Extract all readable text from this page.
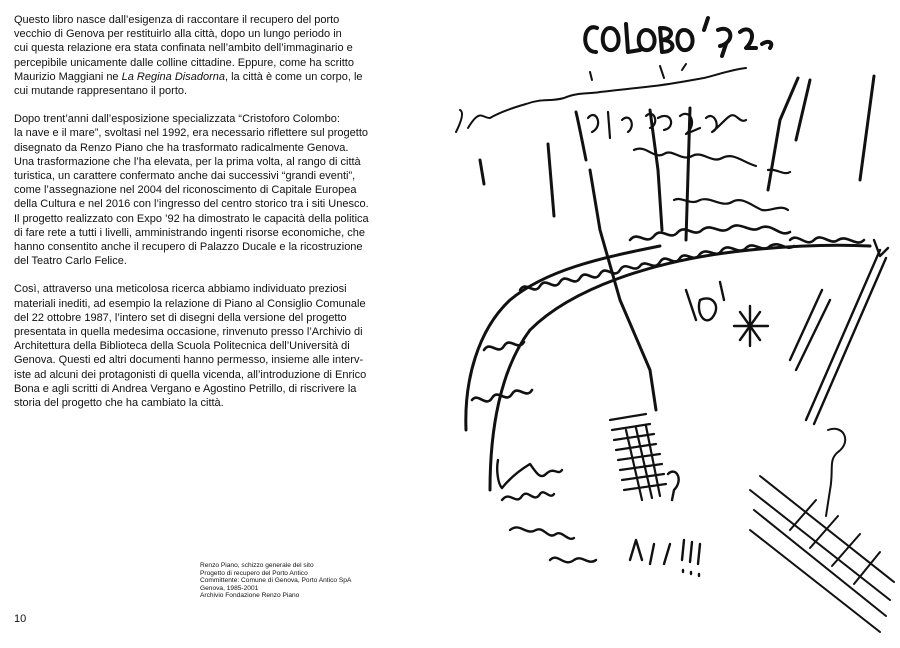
Questo libro nasce dall’esigenza di raccontare il recupero del porto
vecchio di Genova per restituirlo alla città, dopo un lungo periodo in
cui questa relazione era stata confinata nell’ambito dell’immaginario e
percepibile unicamente dalle colline cittadine. Eppure, come ha scritto
Maurizio Maggiani ne La Regina Disadorna, la città è come un corpo, le
cui mutande rappresentano il porto.

Dopo trent’anni dall’esposizione specializzata “Cristoforo Colombo:
la nave e il mare”, svoltasi nel 1992, era necessario riflettere sul progetto
disegnato da Renzo Piano che ha trasformato radicalmente Genova.
Una trasformazione che l’ha elevata, per la prima volta, al rango di città
turistica, un carattere confermato anche dai successivi “grandi eventi”,
come l’assegnazione nel 2004 del riconoscimento di Capitale Europea
della Cultura e nel 2016 con l’ingresso del centro storico tra i siti Unesco.
Il progetto realizzato con Expo ’92 ha dimostrato le capacità della politica
di fare rete a tutti i livelli, amministrando ingenti risorse economiche, che
hanno consentito anche il recupero di Palazzo Ducale e la ricostruzione
del Teatro Carlo Felice.

Così, attraverso una meticolosa ricerca abbiamo individuato preziosi
materiali inediti, ad esempio la relazione di Piano al Consiglio Comunale
del 22 ottobre 1987, l’intero set di disegni della versione del progetto
presentata in quella medesima occasione, rinvenuto presso l’Archivio di
Architettura della Biblioteca della Scuola Politecnica dell’Università di
Genova. Questi ed altri documenti hanno permesso, insieme alle interv-
iste ad alcuni dei protagonisti di quella vicenda, all’introduzione di Enrico
Bona e agli scritti di Andrea Vergano e Agostino Petrillo, di riscrivere la
storia del progetto che ha cambiato la città.

Renzo Piano, schizzo generale del sito
Progetto di recupero del Porto Antico
Committente: Comune di Genova, Porto Antico SpA
Genova, 1985-2001
Archivio Fondazione Renzo Piano
10
